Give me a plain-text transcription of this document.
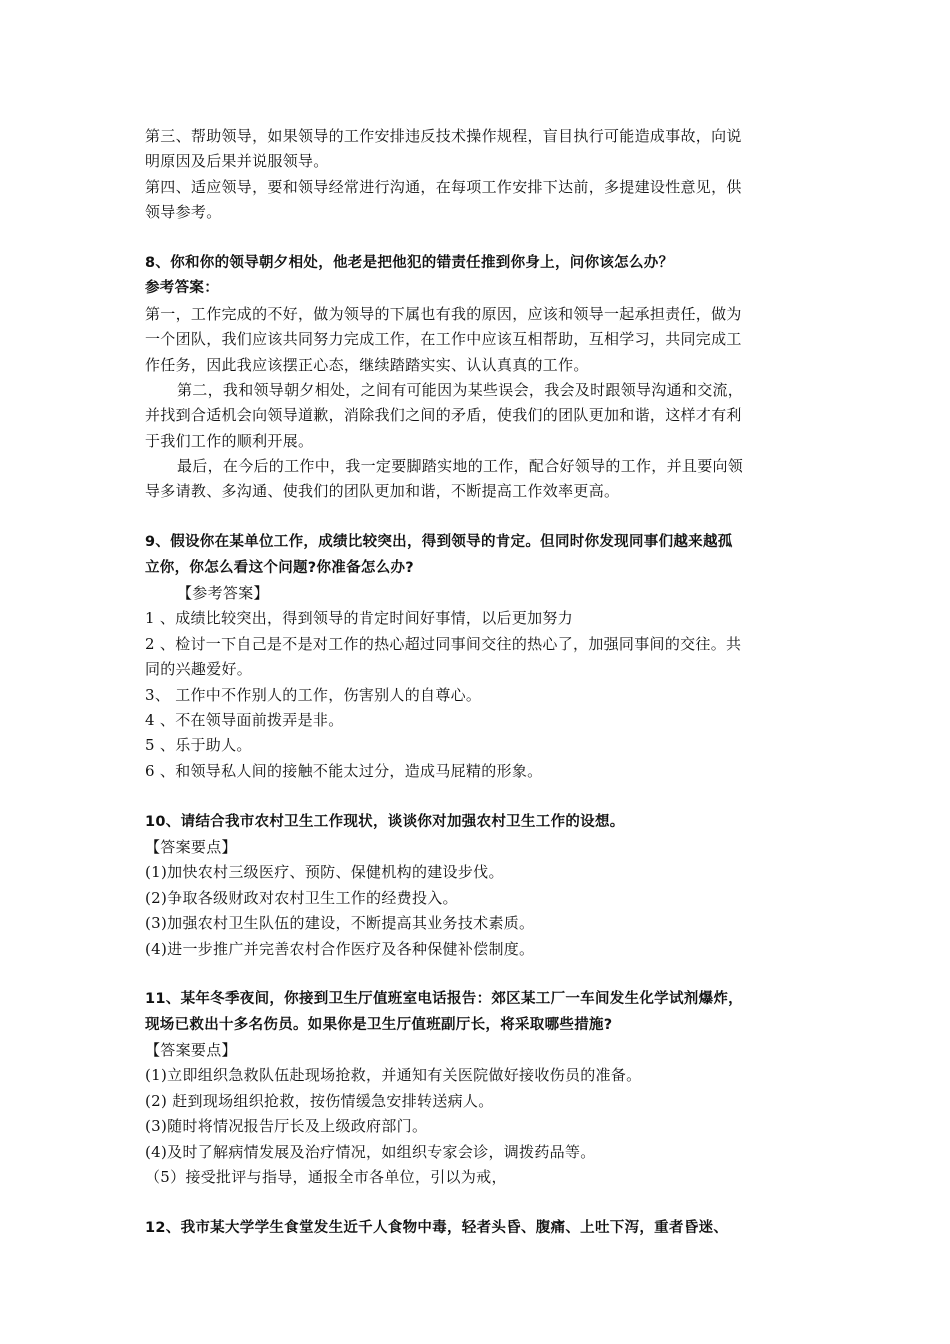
第三、帮助领导，如果领导的工作安排违反技术操作规程，盲目执行可能造成事故，向说
明原因及后果并说服领导。
第四、适应领导，要和领导经常进行沟通，在每项工作安排下达前，多提建设性意见，供
领导参考。
8、你和你的领导朝夕相处，他老是把他犯的错责任推到你身上，问你该怎么办？
参考答案：
第一，工作完成的不好，做为领导的下属也有我的原因，应该和领导一起承担责任，做为
一个团队，我们应该共同努力完成工作，在工作中应该互相帮助，互相学习，共同完成工
作任务，因此我应该摆正心态，继续踏踏实实、认认真真的工作。
第二，我和领导朝夕相处，之间有可能因为某些误会，我会及时跟领导沟通和交流，
并找到合适机会向领导道歉，消除我们之间的矛盾，使我们的团队更加和谐，这样才有利
于我们工作的顺利开展。
最后，在今后的工作中，我一定要脚踏实地的工作，配合好领导的工作，并且要向领
导多请教、多沟通、使我们的团队更加和谐，不断提高工作效率更高。
9、假设你在某单位工作，成绩比较突出，得到领导的肯定。但同时你发现同事们越来越孤
立你，你怎么看这个问题?你准备怎么办?
【参考答案】
1 、成绩比较突出，得到领导的肯定时间好事情，以后更加努力
2 、检讨一下自己是不是对工作的热心超过同事间交往的热心了，加强同事间的交往。共
同的兴趣爱好。
3、 工作中不作别人的工作，伤害别人的自尊心。
4 、不在领导面前拨弄是非。
5 、乐于助人。
6 、和领导私人间的接触不能太过分，造成马屁精的形象。
10、请结合我市农村卫生工作现状，谈谈你对加强农村卫生工作的设想。
【答案要点】
(1)加快农村三级医疗、预防、保健机构的建设步伐。
(2)争取各级财政对农村卫生工作的经费投入。
(3)加强农村卫生队伍的建设，不断提高其业务技术素质。
(4)进一步推广并完善农村合作医疗及各种保健补偿制度。
11、某年冬季夜间，你接到卫生厅值班室电话报告：郊区某工厂一车间发生化学试剂爆炸，
现场已救出十多名伤员。如果你是卫生厅值班副厅长，将采取哪些措施?
【答案要点】
(1)立即组织急救队伍赴现场抢救，并通知有关医院做好接收伤员的准备。
(2) 赶到现场组织抢救，按伤情缓急安排转送病人。
(3)随时将情况报告厅长及上级政府部门。
(4)及时了解病情发展及治疗情况，如组织专家会诊，调拨药品等。
（5）接受批评与指导，通报全市各单位，引以为戒，
12、我市某大学学生食堂发生近千人食物中毒，轻者头昏、腹痛、上吐下泻，重者昏迷、
